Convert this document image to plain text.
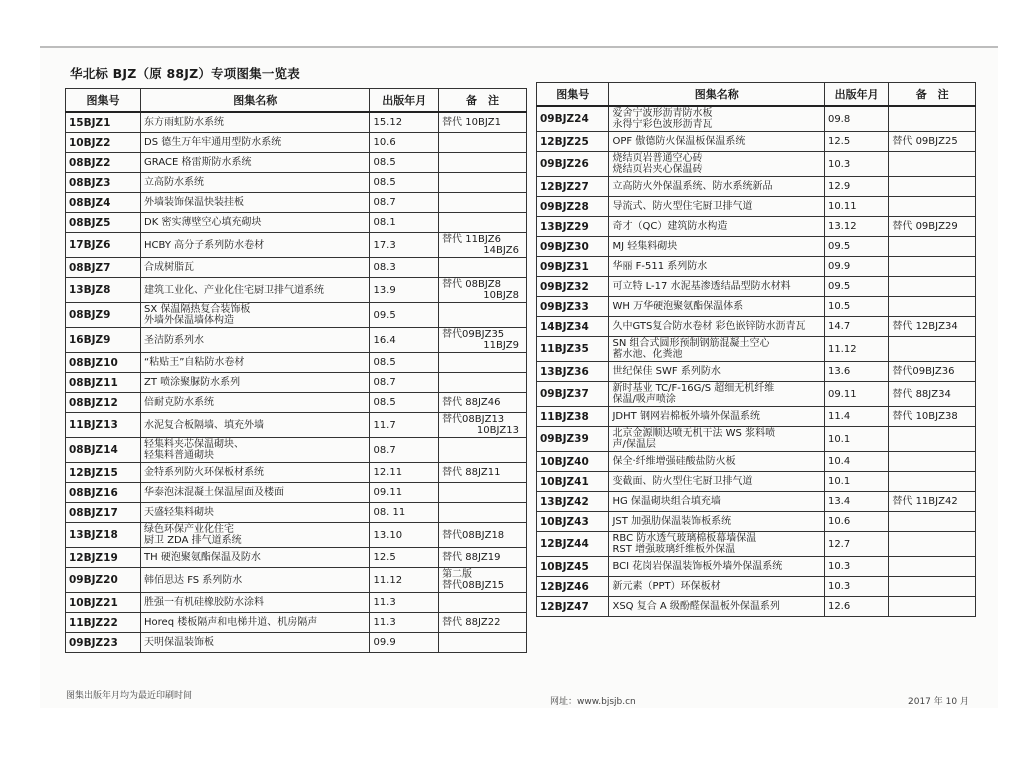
华北标 BJZ（原 88JZ）专项图集一览表
图集号	图集名称	出版年月	备　注
15BJZ1	东方雨虹防水系统	15.12	替代 10BJZ1

10BJZ2	DS 德生万年牢通用型防水系统	10.6	
08BJZ2	GRACE 格雷斯防水系统	08.5	
08BJZ3	立高防水系统	08.5	
08BJZ4	外墙装饰保温快装挂板	08.7	
08BJZ5	DK 密实薄壁空心填充砌块	08.1	
17BJZ6	HCBY 高分子系列防水卷材	17.3	替代 11BJZ6
14BJZ6

08BJZ7	合成树脂瓦	08.3	
13BJZ8	建筑工业化、产业化住宅厨卫排气道系统	13.9	替代 08BJZ8
10BJZ8

08BJZ9	SX 保温隔热复合装饰板
外墙外保温墙体构造	09.5	
16BJZ9	圣洁防系列水	16.4	替代09BJZ35
11BJZ9

08BJZ10	“粘贴王”自粘防水卷材	08.5	
08BJZ11	ZT 喷涂聚脲防水系列	08.7	
08BJZ12	倍耐克防水系统	08.5	替代 88JZ46

11BJZ13	水泥复合板隔墙、填充外墙	11.7	替代08BJZ13
10BJZ13

08BJZ14	轻集料夹芯保温砌块、
轻集料普通砌块	08.7	
12BJZ15	金特系列防火环保板材系统	12.11	替代 88JZ11

08BJZ16	华泰泡沫混凝土保温屋面及楼面	09.11	
08BJZ17	天盛轻集料砌块	08. 11	
13BJZ18	绿色环保产业化住宅
厨卫 ZDA 排气道系统	13.10	替代08BJZ18

12BJZ19	TH 硬泡聚氨酯保温及防水	12.5	替代 88JZ19

09BJZ20	韩佰思达 FS 系列防水	11.12	第二版
替代08BJZ15

10BJZ21	胜强一有机硅橡胶防水涂料	11.3	
11BJZ22	Horeq 楼板隔声和电梯井道、机房隔声	11.3	替代 88JZ22

09BJZ23	天明保温装饰板	09.9	
图集号	图集名称	出版年月	备　注
09BJZ24	爱舍宁波形沥青防水板
永得宁彩色波形沥青瓦	09.8	
12BJZ25	OPF 傲德防火保温板保温系统	12.5	替代 09BJZ25

09BJZ26	烧结页岩普通空心砖
烧结页岩夹心保温砖	10.3	
12BJZ27	立高防火外保温系统、防水系统新品	12.9	
09BJZ28	导流式、防火型住宅厨卫排气道	10.11	
13BJZ29	奇才（QC）建筑防水构造	13.12	替代 09BJZ29

09BJZ30	MJ 轻集料砌块	09.5	
09BJZ31	华丽 F-511 系列防水	09.9	
09BJZ32	可立特 L-17 水泥基渗透结晶型防水材料	09.5	
09BJZ33	WH 万华硬泡聚氨酯保温体系	10.5	
14BJZ34	久中GTS复合防水卷材 彩色嵌锌防水沥青瓦	14.7	替代 12BJZ34

11BJZ35	SN 组合式圆形预制钢筋混凝土空心
蓄水池、化粪池	11.12	
13BJZ36	世纪保佳 SWF 系列防水	13.6	替代09BJZ36

09BJZ37	新时基业 TC/F-16G/S 超细无机纤维
保温/吸声喷涂	09.11	替代 88JZ34

11BJZ38	JDHT 钢网岩棉板外墙外保温系统	11.4	替代 10BJZ38

09BJZ39	北京金源顺达喷无机干法 WS 浆料喷
声/保温层	10.1	
10BJZ40	保全·纤维增强硅酸盐防火板	10.4	
10BJZ41	变截面、防火型住宅厨卫排气道	10.1	
13BJZ42	HG 保温砌块组合填充墙	13.4	替代 11BJZ42

10BJZ43	JST 加强肋保温装饰板系统	10.6	
12BJZ44	RBC 防水透气玻璃棉板幕墙保温
RST 增强玻璃纤维板外保温	12.7	
10BJZ45	BCI 花岗岩保温装饰板外墙外保温系统	10.3	
12BJZ46	新元素（PPT）环保板材	10.3	
12BJZ47	XSQ 复合 A 级酚醛保温板外保温系列	12.6	
图集出版年月均为最近印刷时间
网址：www.bjsjb.cn	2017 年 10 月
